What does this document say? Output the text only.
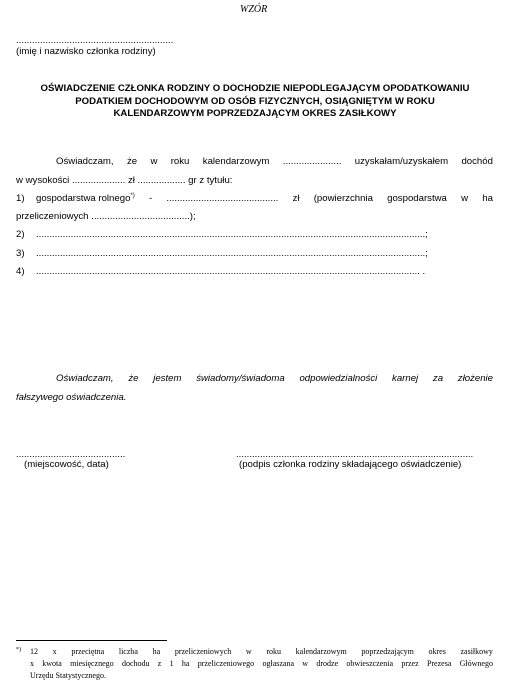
WZÓR
...........................................................
(imię i nazwisko członka rodziny)
OŚWIADCZENIE CZŁONKA RODZINY O DOCHODZIE NIEPODLEGAJĄCYM OPODATKOWANIU
PODATKIEM DOCHODOWYM OD OSÓB FIZYCZNYCH, OSIĄGNIĘTYM W ROKU
KALENDARZOWYM POPRZEDZAJĄCYM OKRES ZASIŁKOWY
Oświadczam, że w roku kalendarzowym ...................... uzyskałam/uzyskałem dochód
w wysokości .................... zł .................. gr z tytułu:
1) gospodarstwa rolnego*) - .......................................... zł (powierzchnia gospodarstwa w ha
przeliczeniowych .....................................);
2) ..................................................................................................................................................;
3) ..................................................................................................................................................;
4) ................................................................................................................................................ .
Oświadczam, że jestem świadomy/świadoma odpowiedzialności karnej za złożenie
fałszywego oświadczenia.
.........................................
(miejscowość, data)
.........................................................................................
(podpis członka rodziny składającego oświadczenie)
*) 12 x przeciętna liczba ha przeliczeniowych w roku kalendarzowym poprzedzającym okres zasiłkowy
x kwota miesięcznego dochodu z 1 ha przeliczeniowego ogłaszana w drodze obwieszczenia przez Prezesa Głównego
Urzędu Statystycznego.
